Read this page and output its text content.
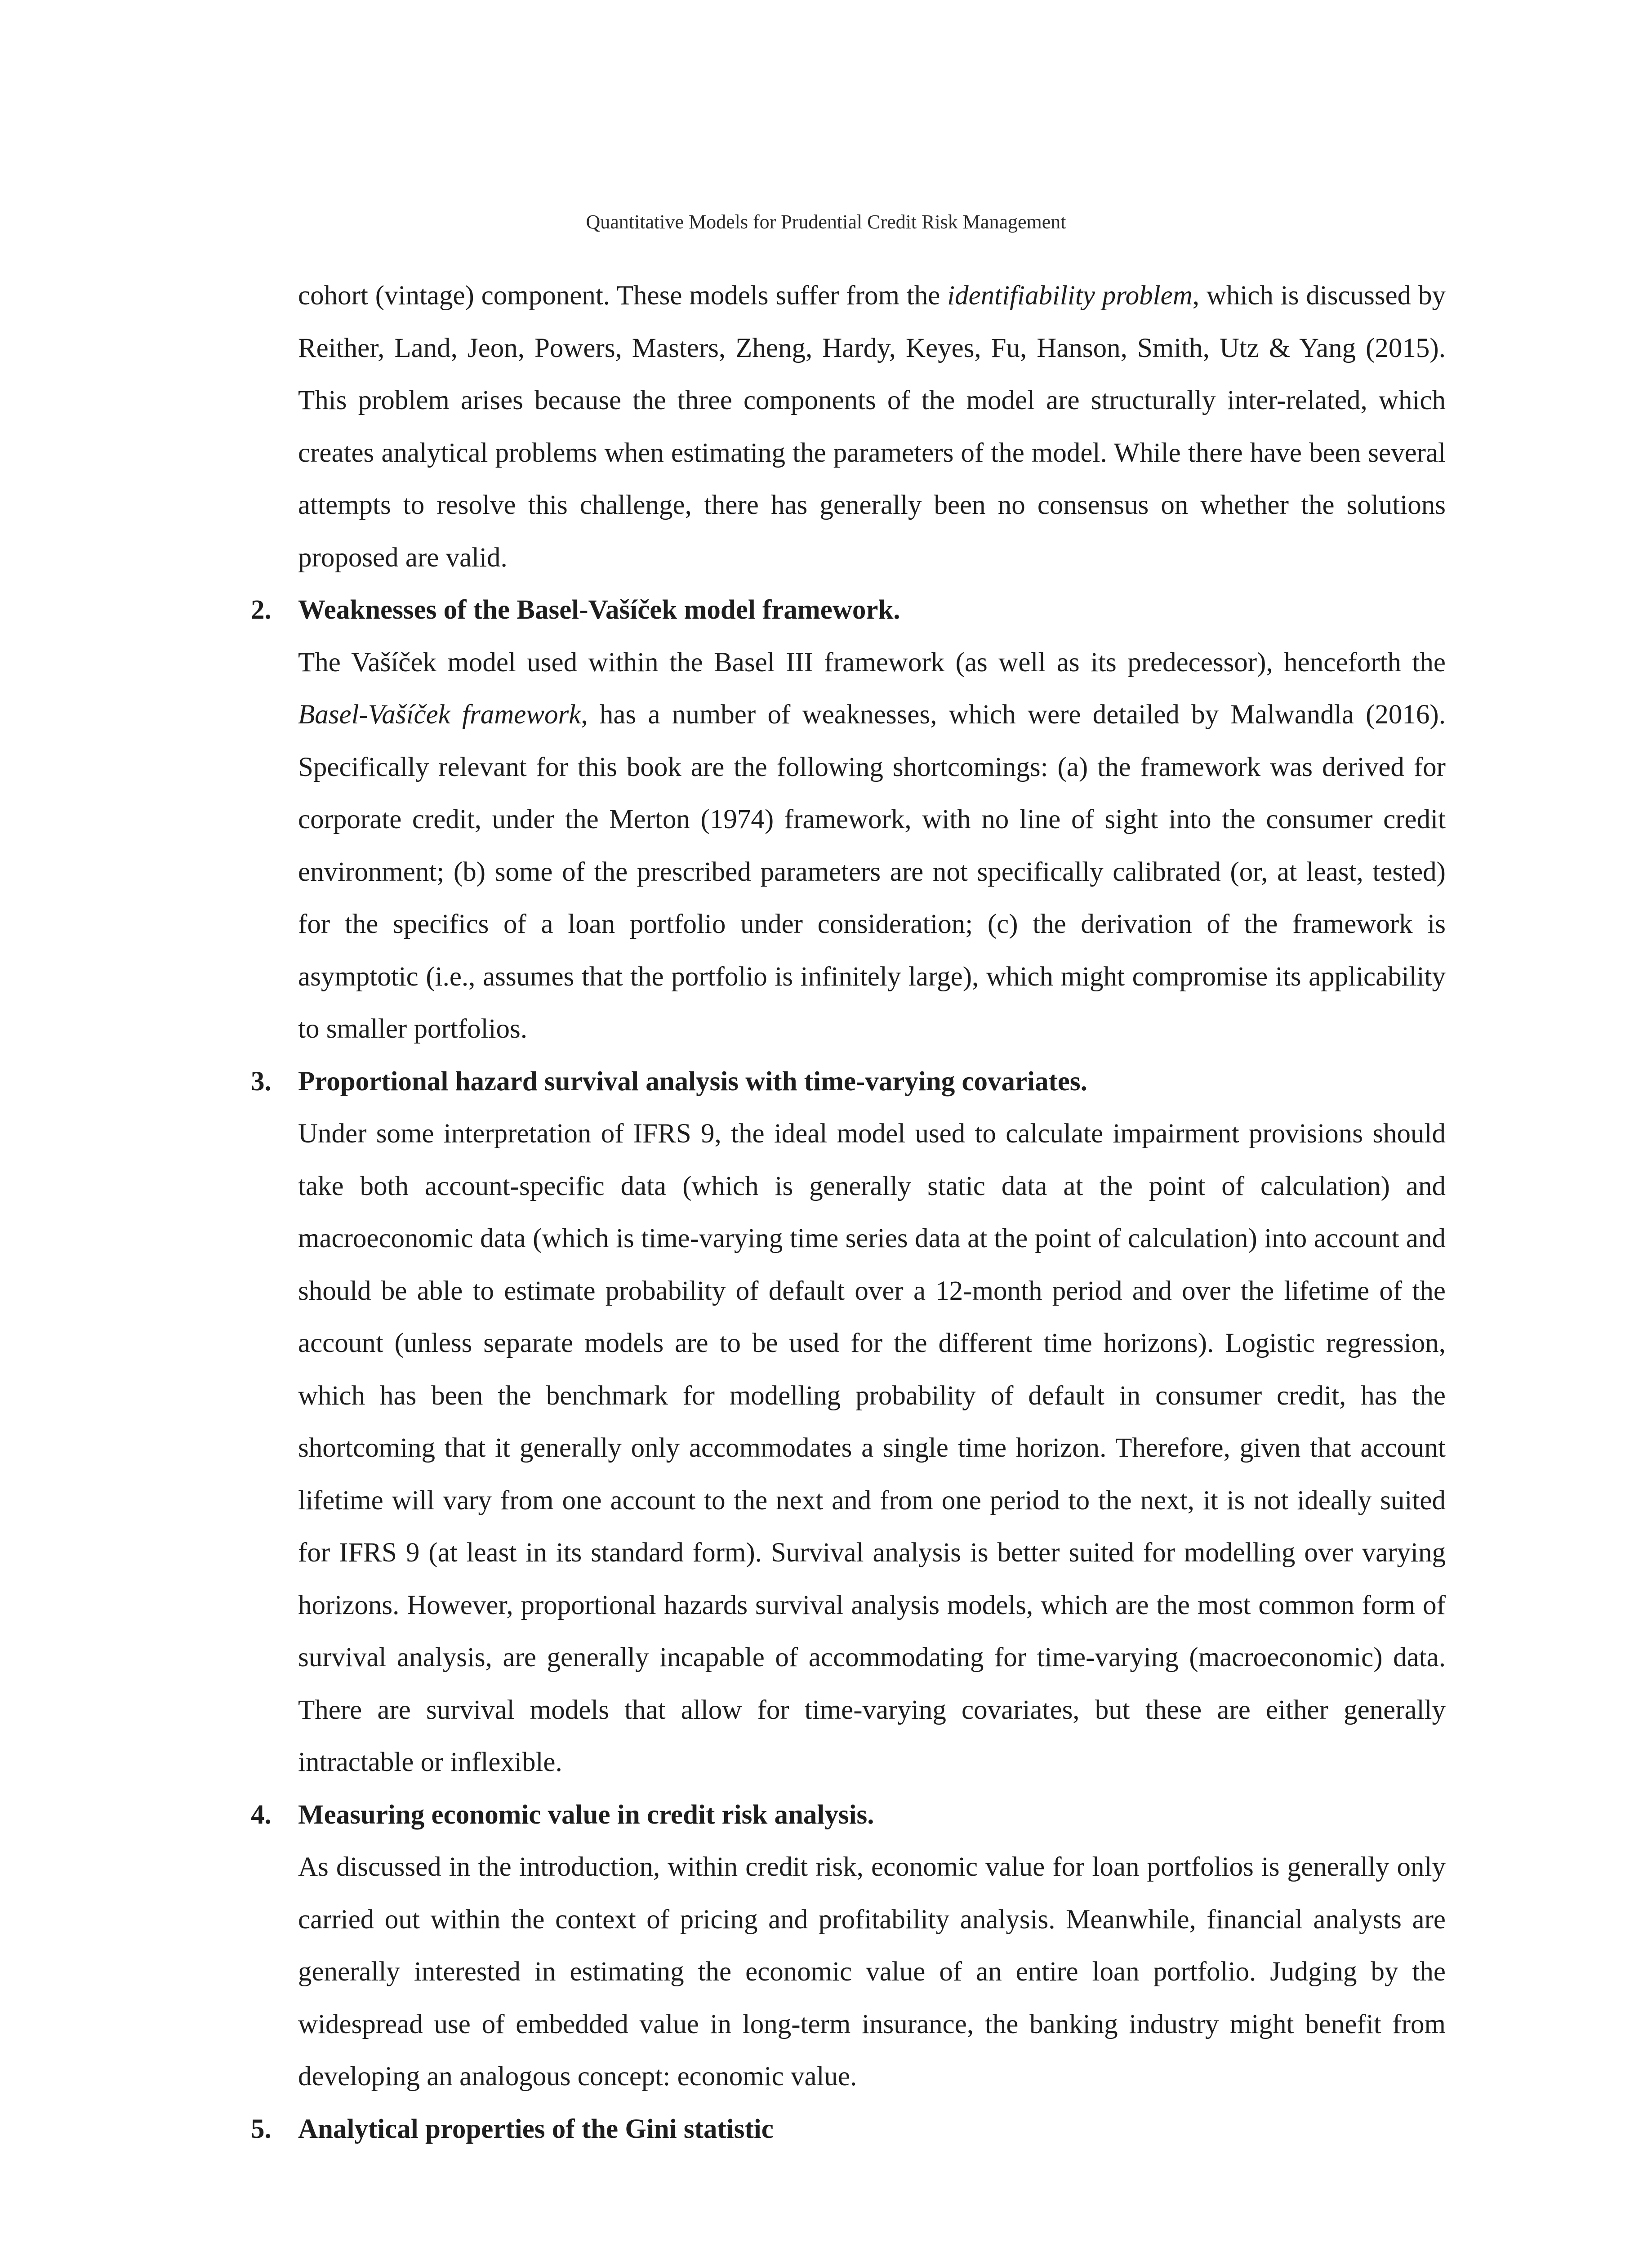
Quantitative Models for Prudential Credit Risk Management

cohort (vintage) component. These models suffer from the identifiability problem, which is discussed by Reither, Land, Jeon, Powers, Masters, Zheng, Hardy, Keyes, Fu, Hanson, Smith, Utz & Yang (2015). This problem arises because the three components of the model are structurally inter-related, which creates analytical problems when estimating the parameters of the model. While there have been several attempts to resolve this challenge, there has generally been no consensus on whether the solutions proposed are valid.

2. Weaknesses of the Basel-Vašíček model framework.

The Vašíček model used within the Basel III framework (as well as its predecessor), henceforth the Basel-Vašíček framework, has a number of weaknesses, which were detailed by Malwandla (2016). Specifically relevant for this book are the following shortcomings: (a) the framework was derived for corporate credit, under the Merton (1974) framework, with no line of sight into the consumer credit environment; (b) some of the prescribed parameters are not specifically calibrated (or, at least, tested) for the specifics of a loan portfolio under consideration; (c) the derivation of the framework is asymptotic (i.e., assumes that the portfolio is infinitely large), which might compromise its applicability to smaller portfolios.

3. Proportional hazard survival analysis with time-varying covariates.

Under some interpretation of IFRS 9, the ideal model used to calculate impairment provisions should take both account-specific data (which is generally static data at the point of calculation) and macroeconomic data (which is time-varying time series data at the point of calculation) into account and should be able to estimate probability of default over a 12-month period and over the lifetime of the account (unless separate models are to be used for the different time horizons). Logistic regression, which has been the benchmark for modelling probability of default in consumer credit, has the shortcoming that it generally only accommodates a single time horizon. Therefore, given that account lifetime will vary from one account to the next and from one period to the next, it is not ideally suited for IFRS 9 (at least in its standard form). Survival analysis is better suited for modelling over varying horizons. However, proportional hazards survival analysis models, which are the most common form of survival analysis, are generally incapable of accommodating for time-varying (macroeconomic) data. There are survival models that allow for time-varying covariates, but these are either generally intractable or inflexible.

4. Measuring economic value in credit risk analysis.

As discussed in the introduction, within credit risk, economic value for loan portfolios is generally only carried out within the context of pricing and profitability analysis. Meanwhile, financial analysts are generally interested in estimating the economic value of an entire loan portfolio. Judging by the widespread use of embedded value in long-term insurance, the banking industry might benefit from developing an analogous concept: economic value.

5. Analytical properties of the Gini statistic
